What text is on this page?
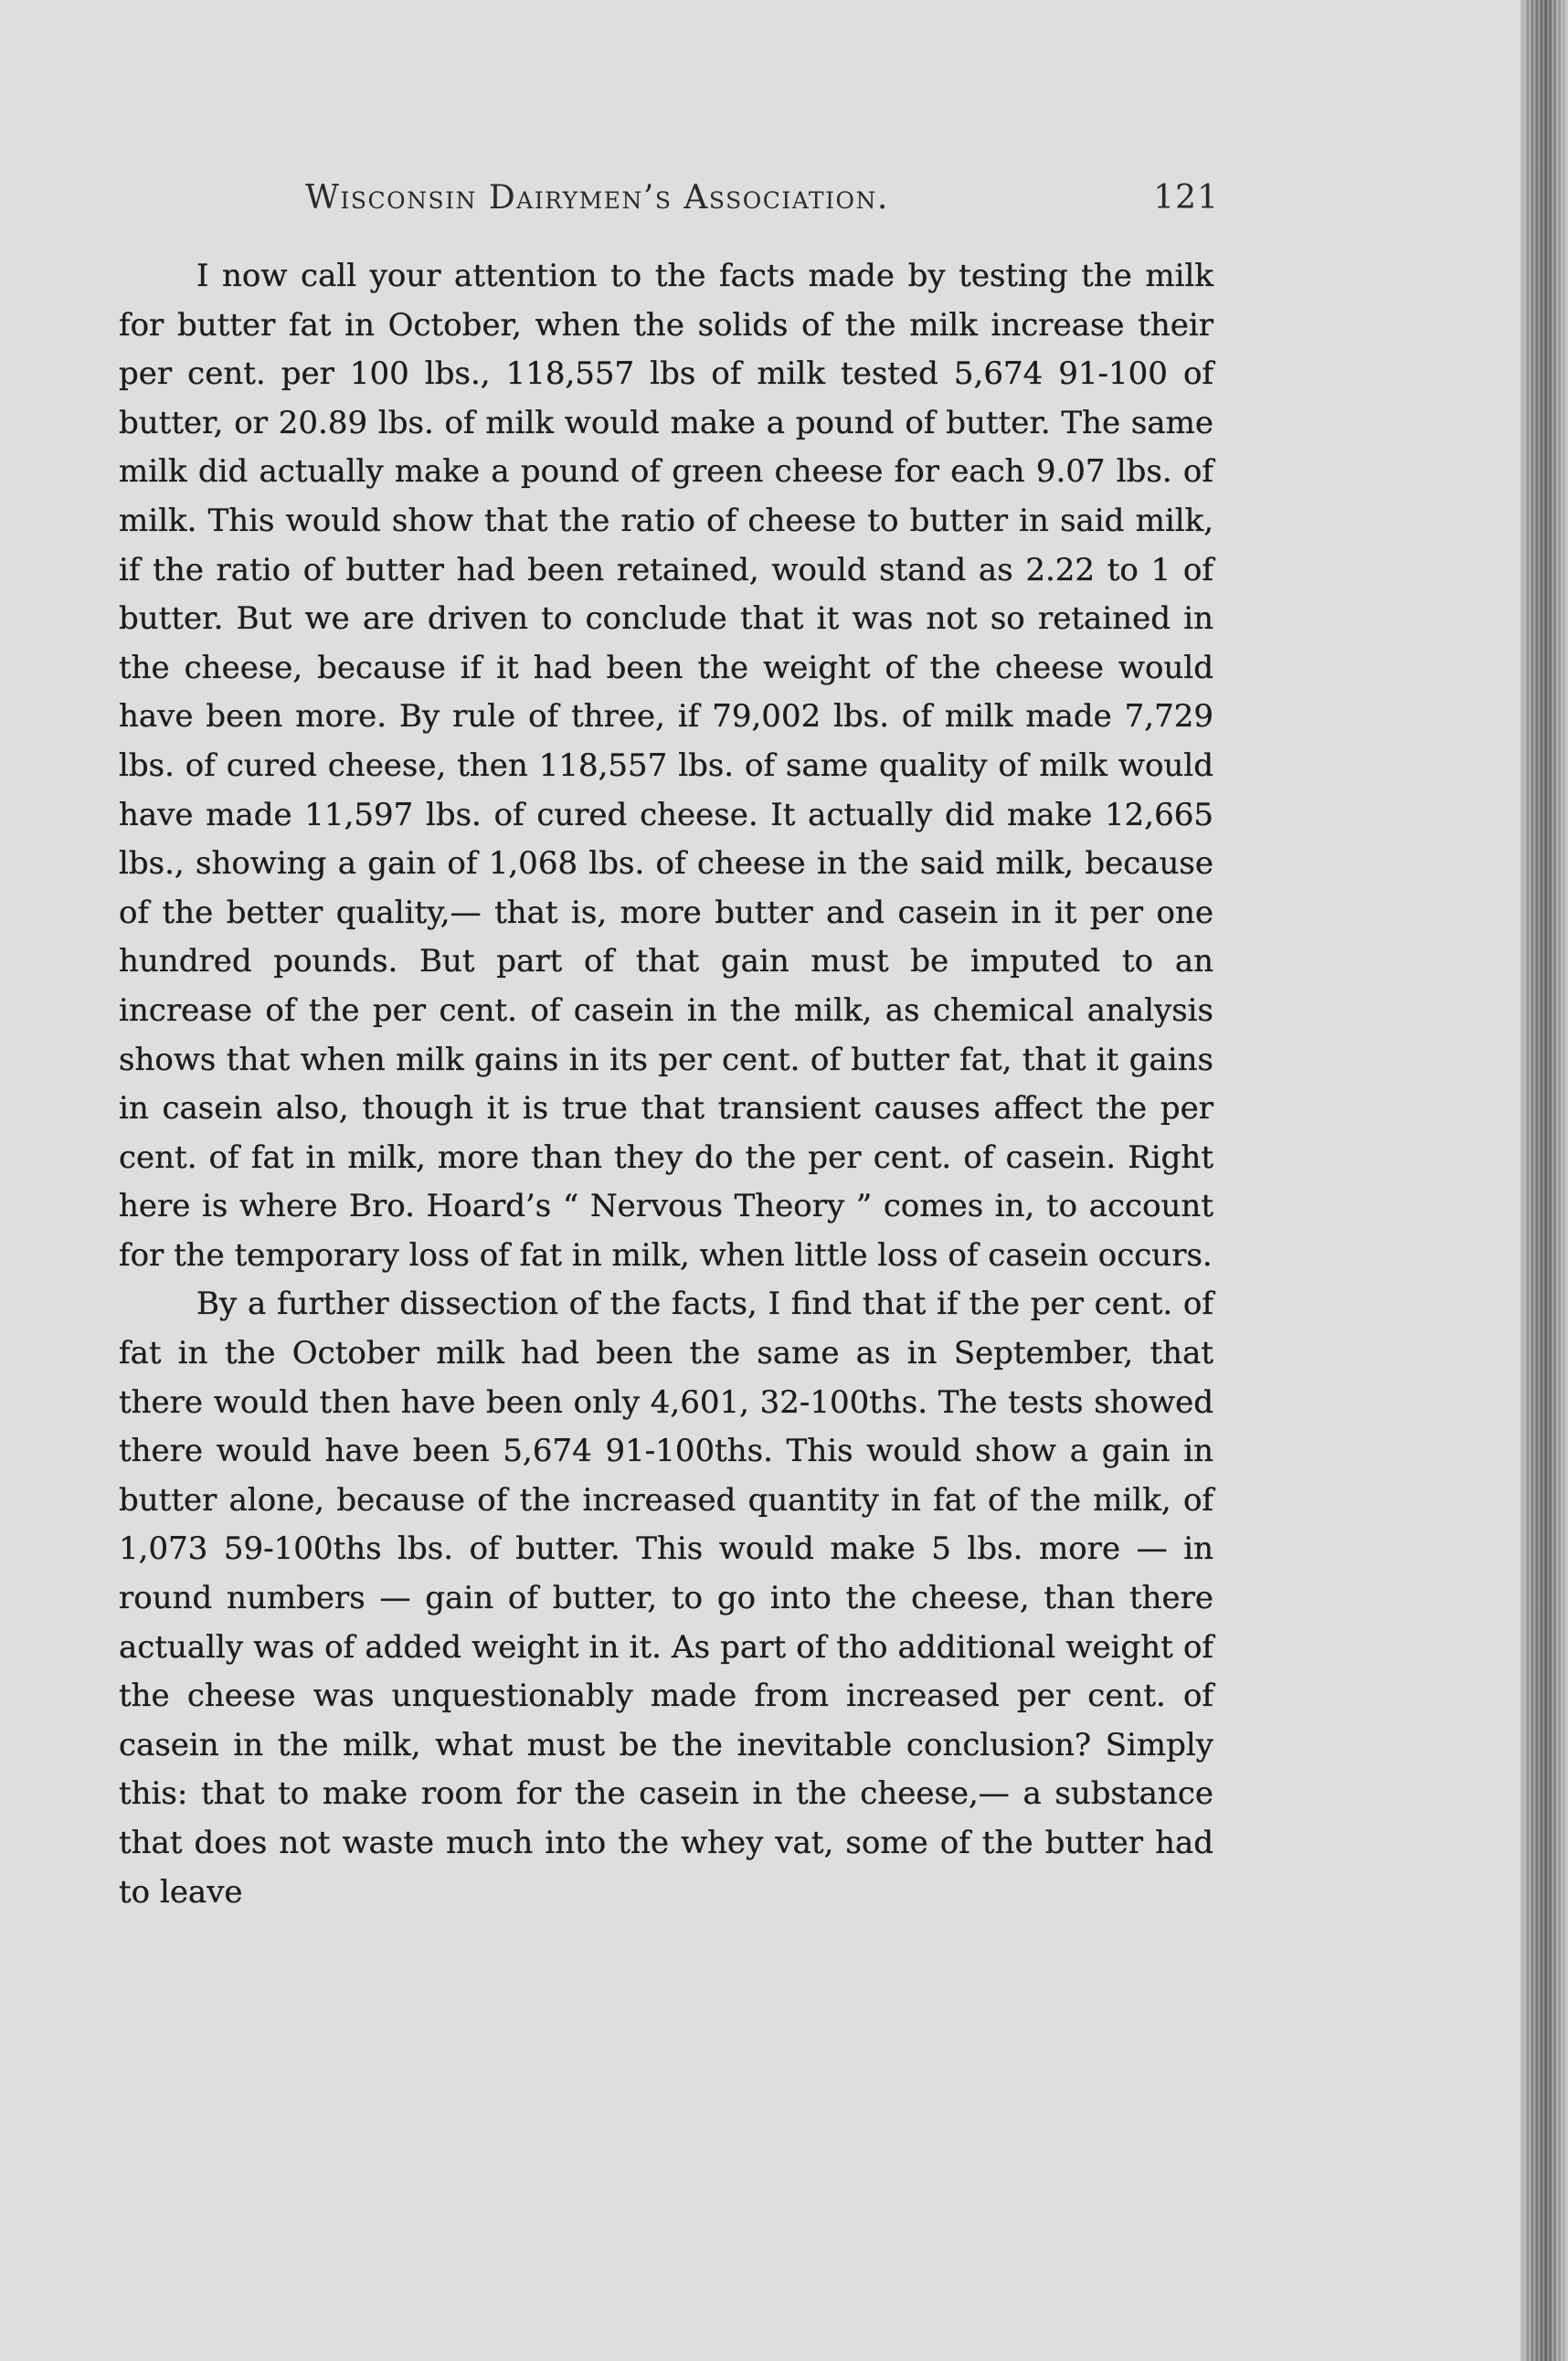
Wisconsin Dairymen’s Association.	121

I now call your attention to the facts made by testing the milk for butter fat in October, when the solids of the milk increase their per cent. per 100 lbs., 118,557 lbs of milk tested 5,674 91-100 of butter, or 20.89 lbs. of milk would make a pound of butter. The same milk did actually make a pound of green cheese for each 9.07 lbs. of milk. This would show that the ratio of cheese to butter in said milk, if the ratio of butter had been retained, would stand as 2.22 to 1 of butter. But we are driven to conclude that it was not so retained in the cheese, because if it had been the weight of the cheese would have been more. By rule of three, if 79,002 lbs. of milk made 7,729 lbs. of cured cheese, then 118,557 lbs. of same quality of milk would have made 11,597 lbs. of cured cheese. It actually did make 12,665 lbs., showing a gain of 1,068 lbs. of cheese in the said milk, because of the better quality,— that is, more butter and casein in it per one hundred pounds. But part of that gain must be imputed to an increase of the per cent. of casein in the milk, as chemical analysis shows that when milk gains in its per cent. of butter fat, that it gains in casein also, though it is true that transient causes affect the per cent. of fat in milk, more than they do the per cent. of casein. Right here is where Bro. Hoard’s “ Nervous Theory ” comes in, to account for the temporary loss of fat in milk, when little loss of casein occurs.

By a further dissection of the facts, I find that if the per cent. of fat in the October milk had been the same as in September, that there would then have been only 4,601, 32-100ths. The tests showed there would have been 5,674 91-100ths. This would show a gain in butter alone, because of the increased quantity in fat of the milk, of 1,073 59-100ths lbs. of butter. This would make 5 lbs. more — in round numbers — gain of butter, to go into the cheese, than there actually was of added weight in it. As part of tho additional weight of the cheese was unquestionably made from increased per cent. of casein in the milk, what must be the inevitable conclusion? Simply this: that to make room for the casein in the cheese,— a substance that does not waste much into the whey vat, some of the butter had to leave
